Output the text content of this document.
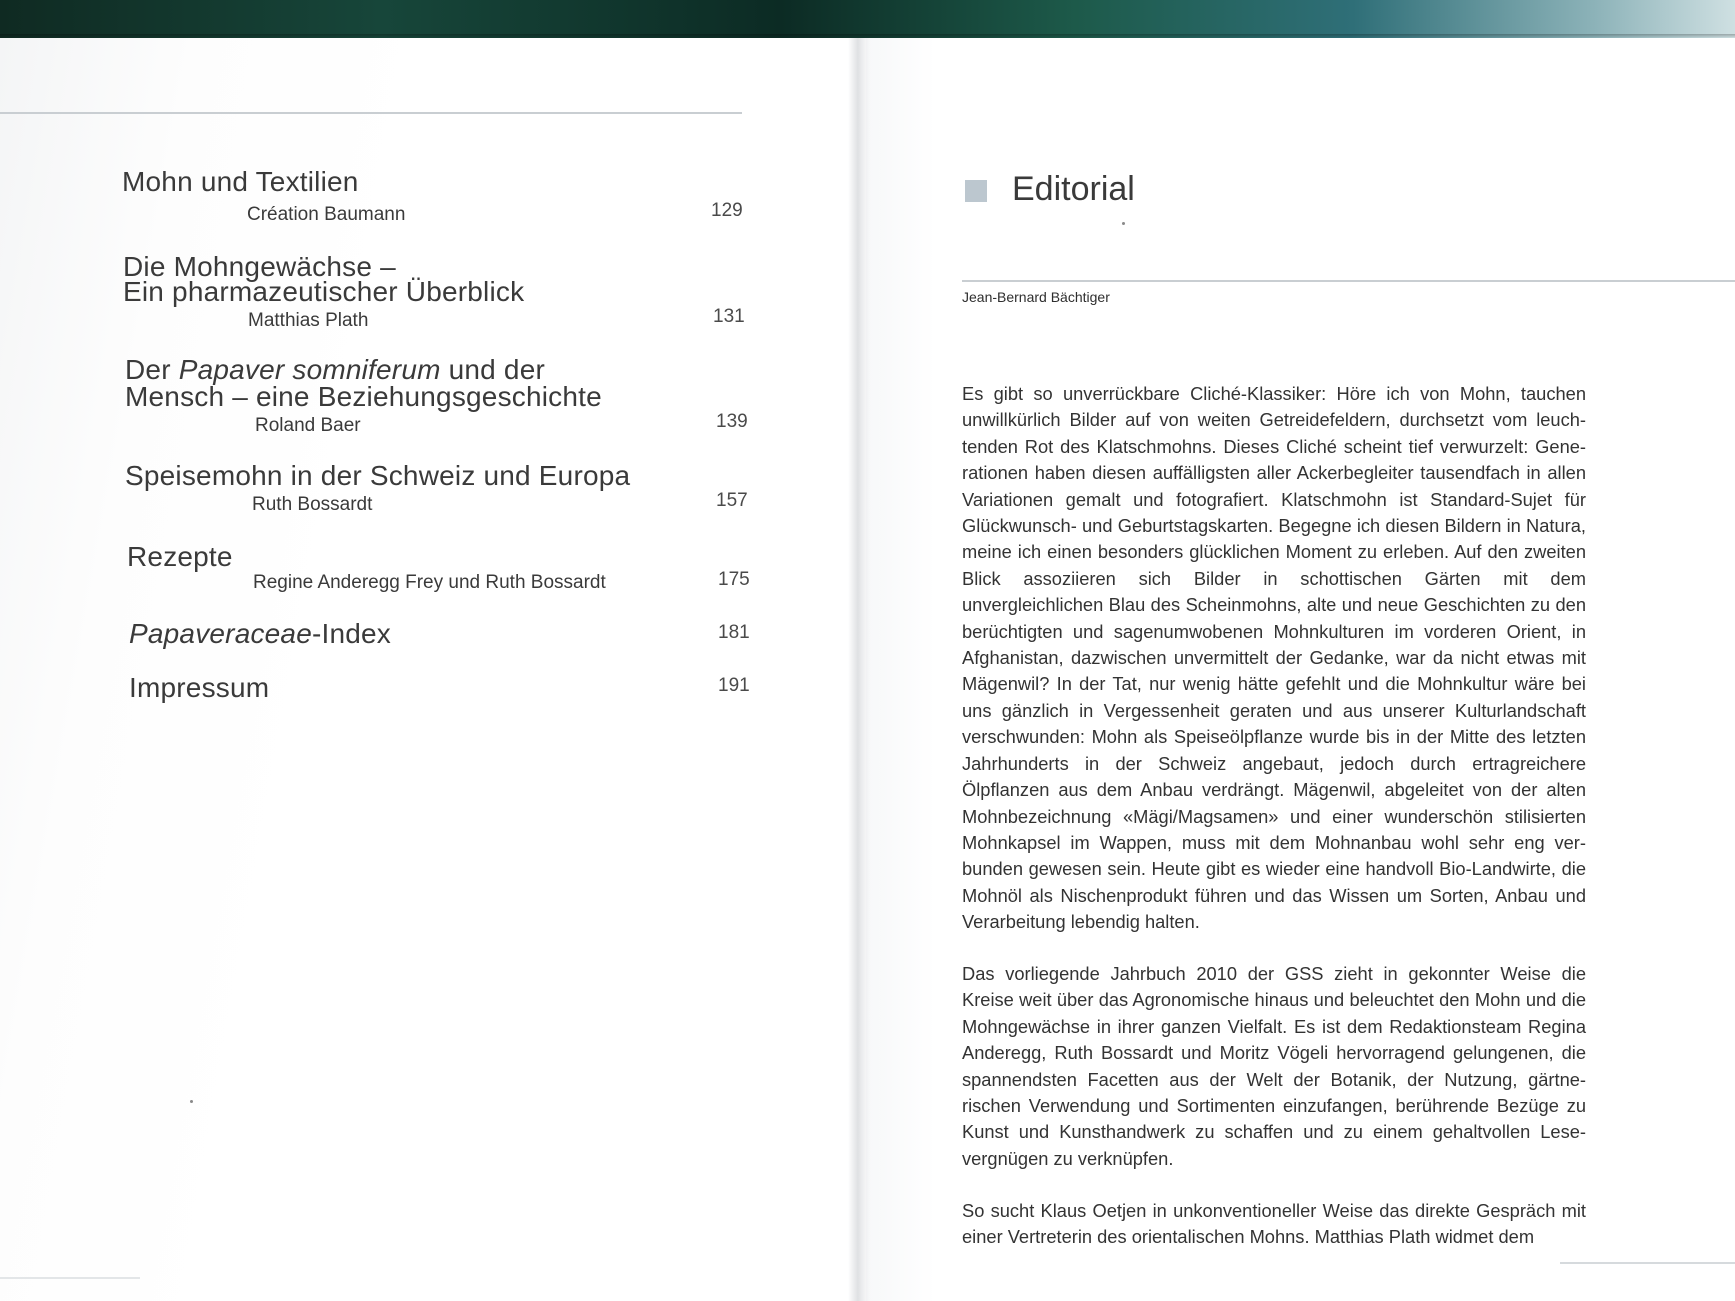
Mohn und Textilien
Création Baumann	129
Die Mohngewächse –
Ein pharmazeutischer Überblick
Matthias Plath	131
Der Papaver somniferum und der
Mensch – eine Beziehungsgeschichte
Roland Baer	139
Speisemohn in der Schweiz und Europa
Ruth Bossardt	157
Rezepte
Regine Anderegg Frey und Ruth Bossardt	175
Papaveraceae-Index	181
Impressum	191
Editorial
Jean-Bernard Bächtiger

Es gibt so unverrückbare Cliché-Klassiker: Höre ich von Mohn, tauchen unwillkürlich Bilder auf von weiten Getreidefeldern, durchsetzt vom leuchtenden Rot des Klatschmohns. Dieses Cliché scheint tief verwurzelt: Generationen haben diesen auffälligsten aller Ackerbegleiter tausendfach in allen Variationen gemalt und fotografiert. Klatschmohn ist Standard-Sujet für Glückwunsch- und Geburtstagskarten. Begegne ich diesen Bildern in Natura, meine ich einen besonders glücklichen Moment zu erleben. Auf den zweiten Blick assoziieren sich Bilder in schottischen Gärten mit dem unvergleichlichen Blau des Scheinmohns, alte und neue Geschichten zu den berüchtigten und sagenumwobenen Mohnkulturen im vorderen Orient, in Afghanistan, dazwischen unvermittelt der Gedanke, war da nicht etwas mit Mägenwil? In der Tat, nur wenig hätte gefehlt und die Mohnkultur wäre bei uns gänzlich in Vergessenheit geraten und aus unserer Kulturlandschaft verschwunden: Mohn als Speiseölpflanze wurde bis in der Mitte des letzten Jahrhunderts in der Schweiz angebaut, jedoch durch ertragreichere Ölpflanzen aus dem Anbau verdrängt. Mägenwil, abgeleitet von der alten Mohnbezeichnung «Mägi/Magsamen» und einer wunderschön stilisierten Mohnkapsel im Wappen, muss mit dem Mohnanbau wohl sehr eng verbunden gewesen sein. Heute gibt es wieder eine handvoll Bio-Landwirte, die Mohnöl als Nischenprodukt führen und das Wissen um Sorten, Anbau und Verarbeitung lebendig halten.

Das vorliegende Jahrbuch 2010 der GSS zieht in gekonnter Weise die Kreise weit über das Agronomische hinaus und beleuchtet den Mohn und die Mohngewächse in ihrer ganzen Vielfalt. Es ist dem Redaktionsteam Regina Anderegg, Ruth Bossardt und Moritz Vögeli hervorragend gelungenen, die spannendsten Facetten aus der Welt der Botanik, der Nutzung, gärtnerischen Verwendung und Sortimenten einzufangen, berührende Bezüge zu Kunst und Kunsthandwerk zu schaffen und zu einem gehaltvollen Lesevergnügen zu verknüpfen.

So sucht Klaus Oetjen in unkonventioneller Weise das direkte Gespräch mit einer Vertreterin des orientalischen Mohns. Matthias Plath widmet dem
